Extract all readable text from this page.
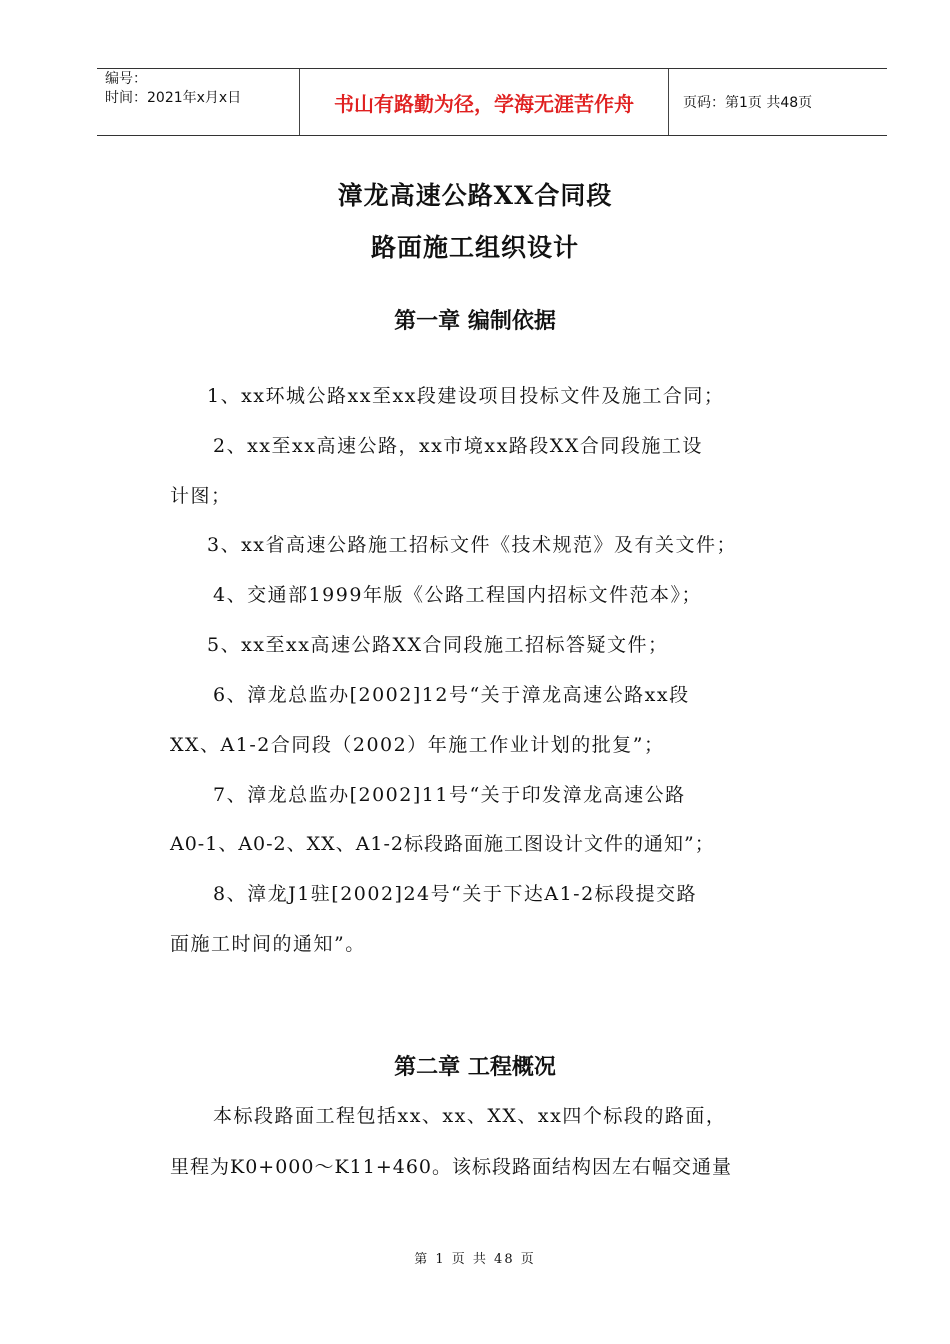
编号：
时间：2021年x月x日	书山有路勤为径，学海无涯苦作舟	页码：第1页 共48页
漳龙高速公路XX合同段
路面施工组织设计
第一章 编制依据
1、xx环城公路xx至xx段建设项目投标文件及施工合同；
2、xx至xx高速公路，xx市境xx路段XX合同段施工设
计图；
3、xx省高速公路施工招标文件《技术规范》及有关文件；
4、交通部1999年版《公路工程国内招标文件范本》；
5、xx至xx高速公路XX合同段施工招标答疑文件；
6、漳龙总监办[2002]12号“关于漳龙高速公路xx段
XX、A1-2合同段（2002）年施工作业计划的批复”；
7、漳龙总监办[2002]11号“关于印发漳龙高速公路
A0-1、A0-2、XX、A1-2标段路面施工图设计文件的通知”；
8、漳龙J1驻[2002]24号“关于下达A1-2标段提交路
面施工时间的通知”。
第二章 工程概况
本标段路面工程包括xx、xx、XX、xx四个标段的路面，
里程为K0+000～K11+460。该标段路面结构因左右幅交通量
第 1 页 共 48 页
